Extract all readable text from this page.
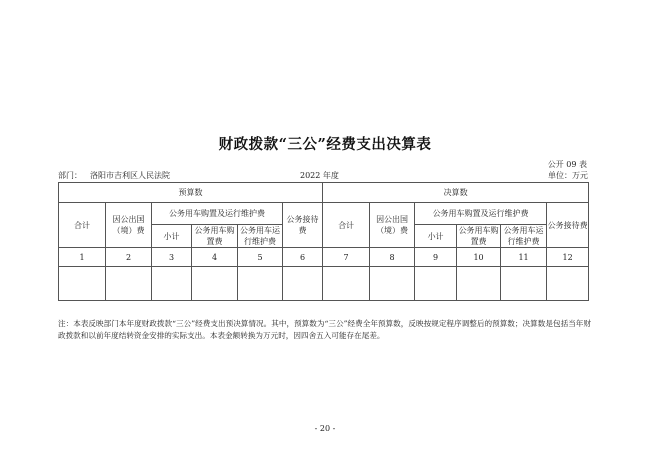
财政拨款“三公”经费支出决算表
公开 09 表
部门： 洛阳市吉利区人民法院	2022 年度	单位：万元
预算数						决算数					
合计	因公出国（境）费	公务用车购置及运行维护费			公务接待费	合计	因公出国（境）费	公务用车购置及运行维护费			公务接待费
		小计	公务用车购置费	公务用车运行维护费				小计	公务用车购置费	公务用车运行维护费	
1	2	3	4	5	6	7	8	9	10	11	12

注：本表反映部门本年度财政拨款“三公”经费支出预决算情况。其中，预算数为“三公”经费全年预算数，反映按规定程序调整后的预算数；决算数是包括当年财政拨款和以前年度结转资金安排的实际支出。本表金额转换为万元时，因四舍五入可能存在尾差。
- 20 -
